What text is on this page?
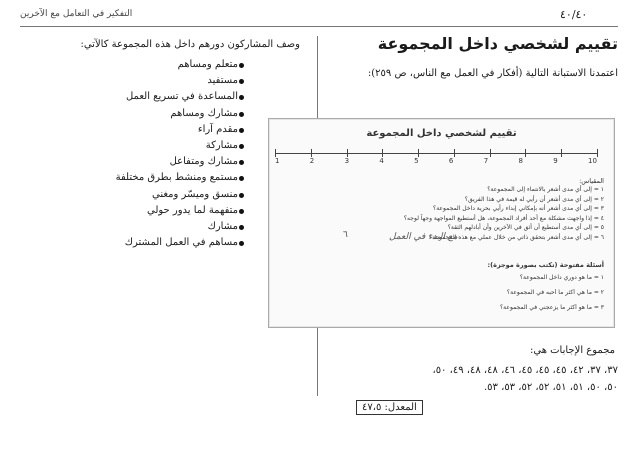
٤٠/٤٠
التفكير في التعامل مع الآخرين
تقييم لشخصي داخل المجموعة

اعتمدنا الاستبانة التالية (أفكار في العمل مع الناس، ص ٢٥٩):

وصف المشاركون دورهم داخل هذه المجموعة كالآتي:

متعلم ومساهم
مستفيد
المساعدة في تسريع العمل
مشارك ومساهم
مقدم آراء
مشاركة
مشارك ومتفاعل
مستمع ومنشط بطرق مختلفة
منسق وميسّر ومغني
متفهمة لما يدور حولي
مشارك
مساهم في العمل المشترك
تقييم لشخصي داخل المجموعة
1	2	3	4	5	6	7	8	9	10
المقياس:
١ = إلى أي مدى أشعر بالانتماء إلى المجموعة؟
٢ = إلى أي مدى أشعر أن رأيي له قيمة في هذا الفريق؟
٣ = إلى أي مدى أشعر أنه بإمكاني إبداء رأيي بحرية داخل المجموعة؟
٤ = إذا واجهت مشكلة مع أحد أفراد المجموعة، هل أستطيع المواجهة وجهاً لوجه؟
٥ = إلى أي مدى أستطيع أن أثق في الآخرين وأن أبادلهم الثقة؟
٦ = إلى أي مدى أشعر بتحقق ذاتي من خلال عملي مع هذه المجموعة؟
مع البدء في العمل
٦
أسئلة مفتوحة (تكتب بصورة موجزة):
١ = ما هو دوري داخل المجموعة؟
٢ = ما هي أكثر ما أحبه في المجموعة؟
٣ = ما هو أكثر ما يزعجني في المجموعة؟
مجموع الإجابات هي:
٣٧، ٣٧، ٤٢، ٤٥، ٤٥، ٤٥، ٤٦، ٤٨، ٤٨، ٤٩، ٥٠،
٥٠، ٥٠، ٥١، ٥١، ٥٢، ٥٢، ٥٣، ٥٣.
المعدل: ٤٧،٥
